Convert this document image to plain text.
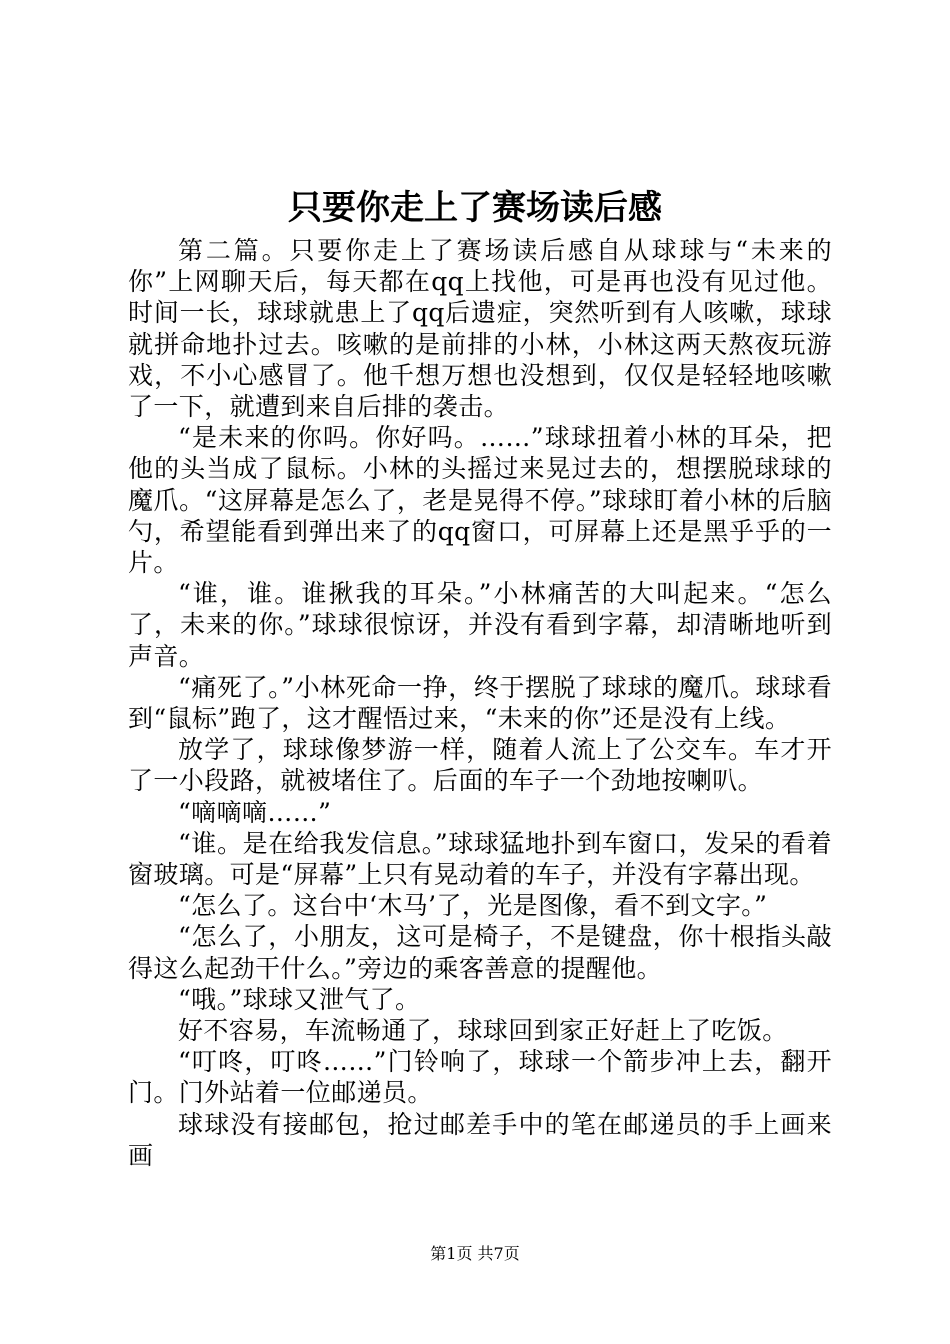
只要你走上了赛场读后感

第二篇。只要你走上了赛场读后感自从球球与“未来的你”上网聊天后，每天都在qq上找他，可是再也没有见过他。时间一长，球球就患上了qq后遗症，突然听到有人咳嗽，球球就拼命地扑过去。咳嗽的是前排的小林，小林这两天熬夜玩游戏，不小心感冒了。他千想万想也没想到，仅仅是轻轻地咳嗽了一下，就遭到来自后排的袭击。

“是未来的你吗。你好吗。……”球球扭着小林的耳朵，把他的头当成了鼠标。小林的头摇过来晃过去的，想摆脱球球的魔爪。“这屏幕是怎么了，老是晃得不停。”球球盯着小林的后脑勺，希望能看到弹出来了的qq窗口，可屏幕上还是黑乎乎的一片。

“谁，谁。谁揪我的耳朵。”小林痛苦的大叫起来。“怎么了，未来的你。”球球很惊讶，并没有看到字幕，却清晰地听到声音。

“痛死了。”小林死命一挣，终于摆脱了球球的魔爪。球球看到“鼠标”跑了，这才醒悟过来，“未来的你”还是没有上线。

放学了，球球像梦游一样，随着人流上了公交车。车才开了一小段路，就被堵住了。后面的车子一个劲地按喇叭。

“嘀嘀嘀……”

“谁。是在给我发信息。”球球猛地扑到车窗口，发呆的看着窗玻璃。可是“屏幕”上只有晃动着的车子，并没有字幕出现。

“怎么了。这台中‘木马’了，光是图像，看不到文字。”

“怎么了，小朋友，这可是椅子，不是键盘，你十根指头敲得这么起劲干什么。”旁边的乘客善意的提醒他。

“哦。”球球又泄气了。

好不容易，车流畅通了，球球回到家正好赶上了吃饭。

“叮咚，叮咚……”门铃响了，球球一个箭步冲上去，翻开门。门外站着一位邮递员。

球球没有接邮包，抢过邮差手中的笔在邮递员的手上画来画

第1页 共7页
